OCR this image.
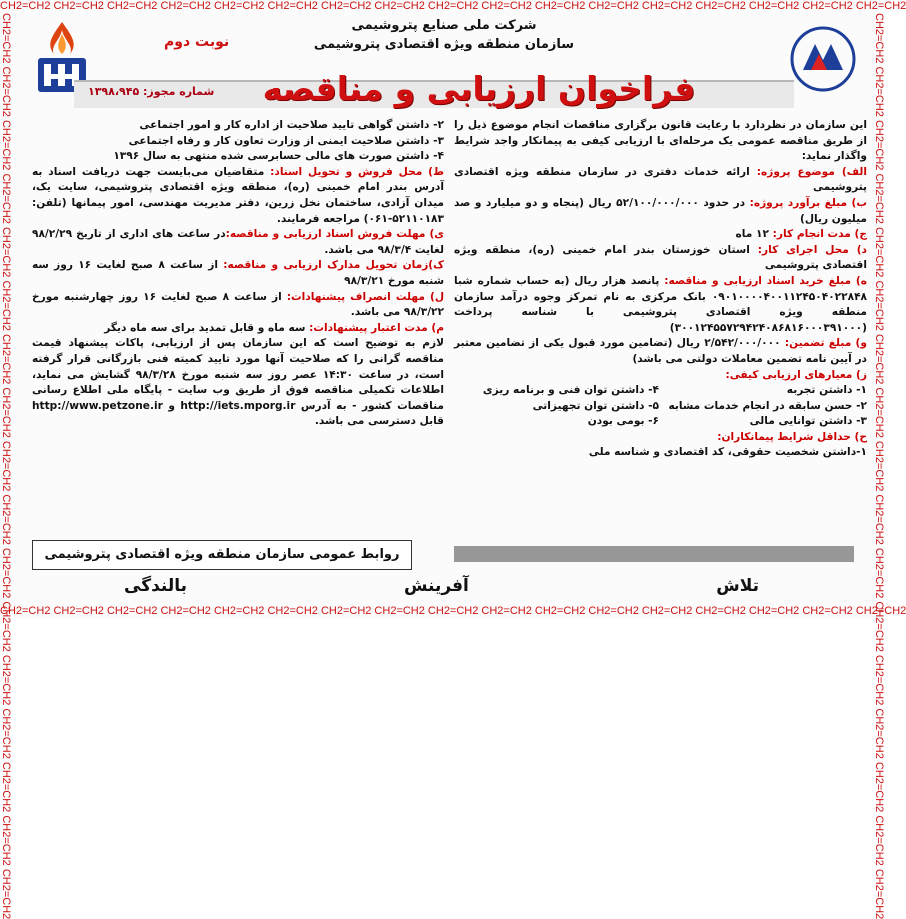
CH2=CH2 CH2=CH2 CH2=CH2 CH2=CH2 CH2=CH2 CH2=CH2 CH2=CH2 CH2=CH2 CH2=CH2 CH2=CH2 CH2=CH2 CH2=CH2 CH2=CH2 CH2=CH2 CH2=CH2 CH2=CH2 CH2=CH2
CH2=CH2 CH2=CH2 CH2=CH2 CH2=CH2 CH2=CH2 CH2=CH2 CH2=CH2 CH2=CH2 CH2=CH2 CH2=CH2 CH2=CH2 CH2=CH2 CH2=CH2 CH2=CH2 CH2=CH2 CH2=CH2 CH2=CH2
CH2=CH2 CH2=CH2 CH2=CH2 CH2=CH2 CH2=CH2 CH2=CH2 CH2=CH2 CH2=CH2 CH2=CH2 CH2=CH2 CH2=CH2 CH2=CH2 CH2=CH2 CH2=CH2 CH2=CH2 CH2=CH2 CH2=CH2	CH2=CH2 CH2=CH2 CH2=CH2 CH2=CH2 CH2=CH2 CH2=CH2 CH2=CH2 CH2=CH2 CH2=CH2 CH2=CH2 CH2=CH2 CH2=CH2 CH2=CH2 CH2=CH2 CH2=CH2 CH2=CH2 CH2=CH2
شرکت ملی صنایع پتروشیمی
سازمان منطقه ویژه اقتصادی پتروشیمی
نوبت دوم
فراخوان ارزیابی و مناقصه
شماره مجوز: ۱۳۹۸،۹۴۵

این سازمان در نظردارد با رعایت قانون برگزاری مناقصات انجام موضوع ذیل را از طریق مناقصه عمومی یک مرحله‌ای با ارزیابی کیفی به پیمانکار واجد شرایط واگذار نماید:

الف) موضوع پروژه: ارائه خدمات دفتری در سازمان منطقه ویژه اقتصادی پتروشیمی

ب) مبلغ برآورد پروژه: در حدود ۵۲/۱۰۰/۰۰۰/۰۰۰ ریال (پنجاه و دو میلیارد و صد میلیون ریال)

ج) مدت انجام کار: ۱۲ ماه

د) محل اجرای کار: استان خوزستان بندر امام خمینی (ره)، منطقه ویژه اقتصادی پتروشیمی

ه) مبلغ خرید اسناد ارزیابی و مناقصه: پانصد هزار ریال (به حساب شماره شبا ۰۹۰۱۰۰۰۰۴۰۰۱۱۲۴۵۰۴۰۲۲۸۴۸ بانک مرکزی به نام تمرکز وجوه درآمد سازمان منطقه ویژه اقتصادی پتروشیمی با شناسه پرداخت (۳۰۰۱۲۴۵۵۷۲۹۴۲۴۰۸۶۸۱۶۰۰۰۳۹۱۰۰۰)

و) مبلغ تضمین: ۲/۵۴۲/۰۰۰/۰۰۰ ریال (تضامین مورد قبول یکی از تضامین معتبر در آیین نامه تضمین معاملات دولتی می باشد)

ز) معیارهای ارزیابی کیفی:

۱- داشتن تجربه
۴- داشتن توان فنی و برنامه ریزی
۲- حسن سابقه در انجام خدمات مشابه
۵- داشتن توان تجهیزاتی
۳- داشتن توانایی مالی
۶- بومی بودن

ح) حداقل شرایط پیمانکاران:

۱-داشتن شخصیت حقوقی، کد اقتصادی و شناسه ملی

۲- داشتن گواهی تایید صلاحیت از اداره کار و امور اجتماعی

۳- داشتن صلاحیت ایمنی از وزارت تعاون کار و رفاه اجتماعی

۴- داشتن صورت های مالی حسابرسی شده منتهی به سال ۱۳۹۶

ط) محل فروش و تحویل اسناد: متقاضیان می‌بایست جهت دریافت اسناد به آدرس بندر امام خمینی (ره)، منطقه ویژه اقتصادی پتروشیمی، سایت یک، میدان آزادی، ساختمان نخل زرین، دفتر مدیریت مهندسی، امور پیمانها (تلفن: ۵۲۱۱۰۱۸۳-۰۶۱) مراجعه فرمایند.

ی) مهلت فروش اسناد ارزیابی و مناقصه:در ساعت های اداری از تاریخ ۹۸/۲/۲۹ لغایت ۹۸/۳/۴ می باشد.

ک)زمان تحویل مدارک ارزیابی و مناقصه: از ساعت ۸ صبح لغایت ۱۶ روز سه شنبه مورخ ۹۸/۳/۲۱

ل) مهلت انصراف پیشنهادات: از ساعت ۸ صبح لغایت ۱۶ روز چهارشنبه مورخ ۹۸/۳/۲۲ می باشد.

م) مدت اعتبار پیشنهادات: سه ماه و قابل تمدید برای سه ماه دیگر

لازم به توضیح است که این سازمان پس از ارزیابی، پاکات پیشنهاد قیمت مناقصه گرانی را که صلاحیت آنها مورد تایید کمیته فنی بازرگانی قرار گرفته است، در ساعت ۱۴:۳۰ عصر روز سه شنبه مورخ ۹۸/۳/۲۸ گشایش می نماید، اطلاعات تکمیلی مناقصه فوق از طریق وب سایت - پایگاه ملی اطلاع رسانی مناقصات کشور - به آدرس http://iets.mporg.ir و http://www.petzone.ir قابل دسترسی می باشد.

روابط عمومی سازمان منطقه ویژه اقتصادی پتروشیمی
تلاش
آفرینش
بالندگی
